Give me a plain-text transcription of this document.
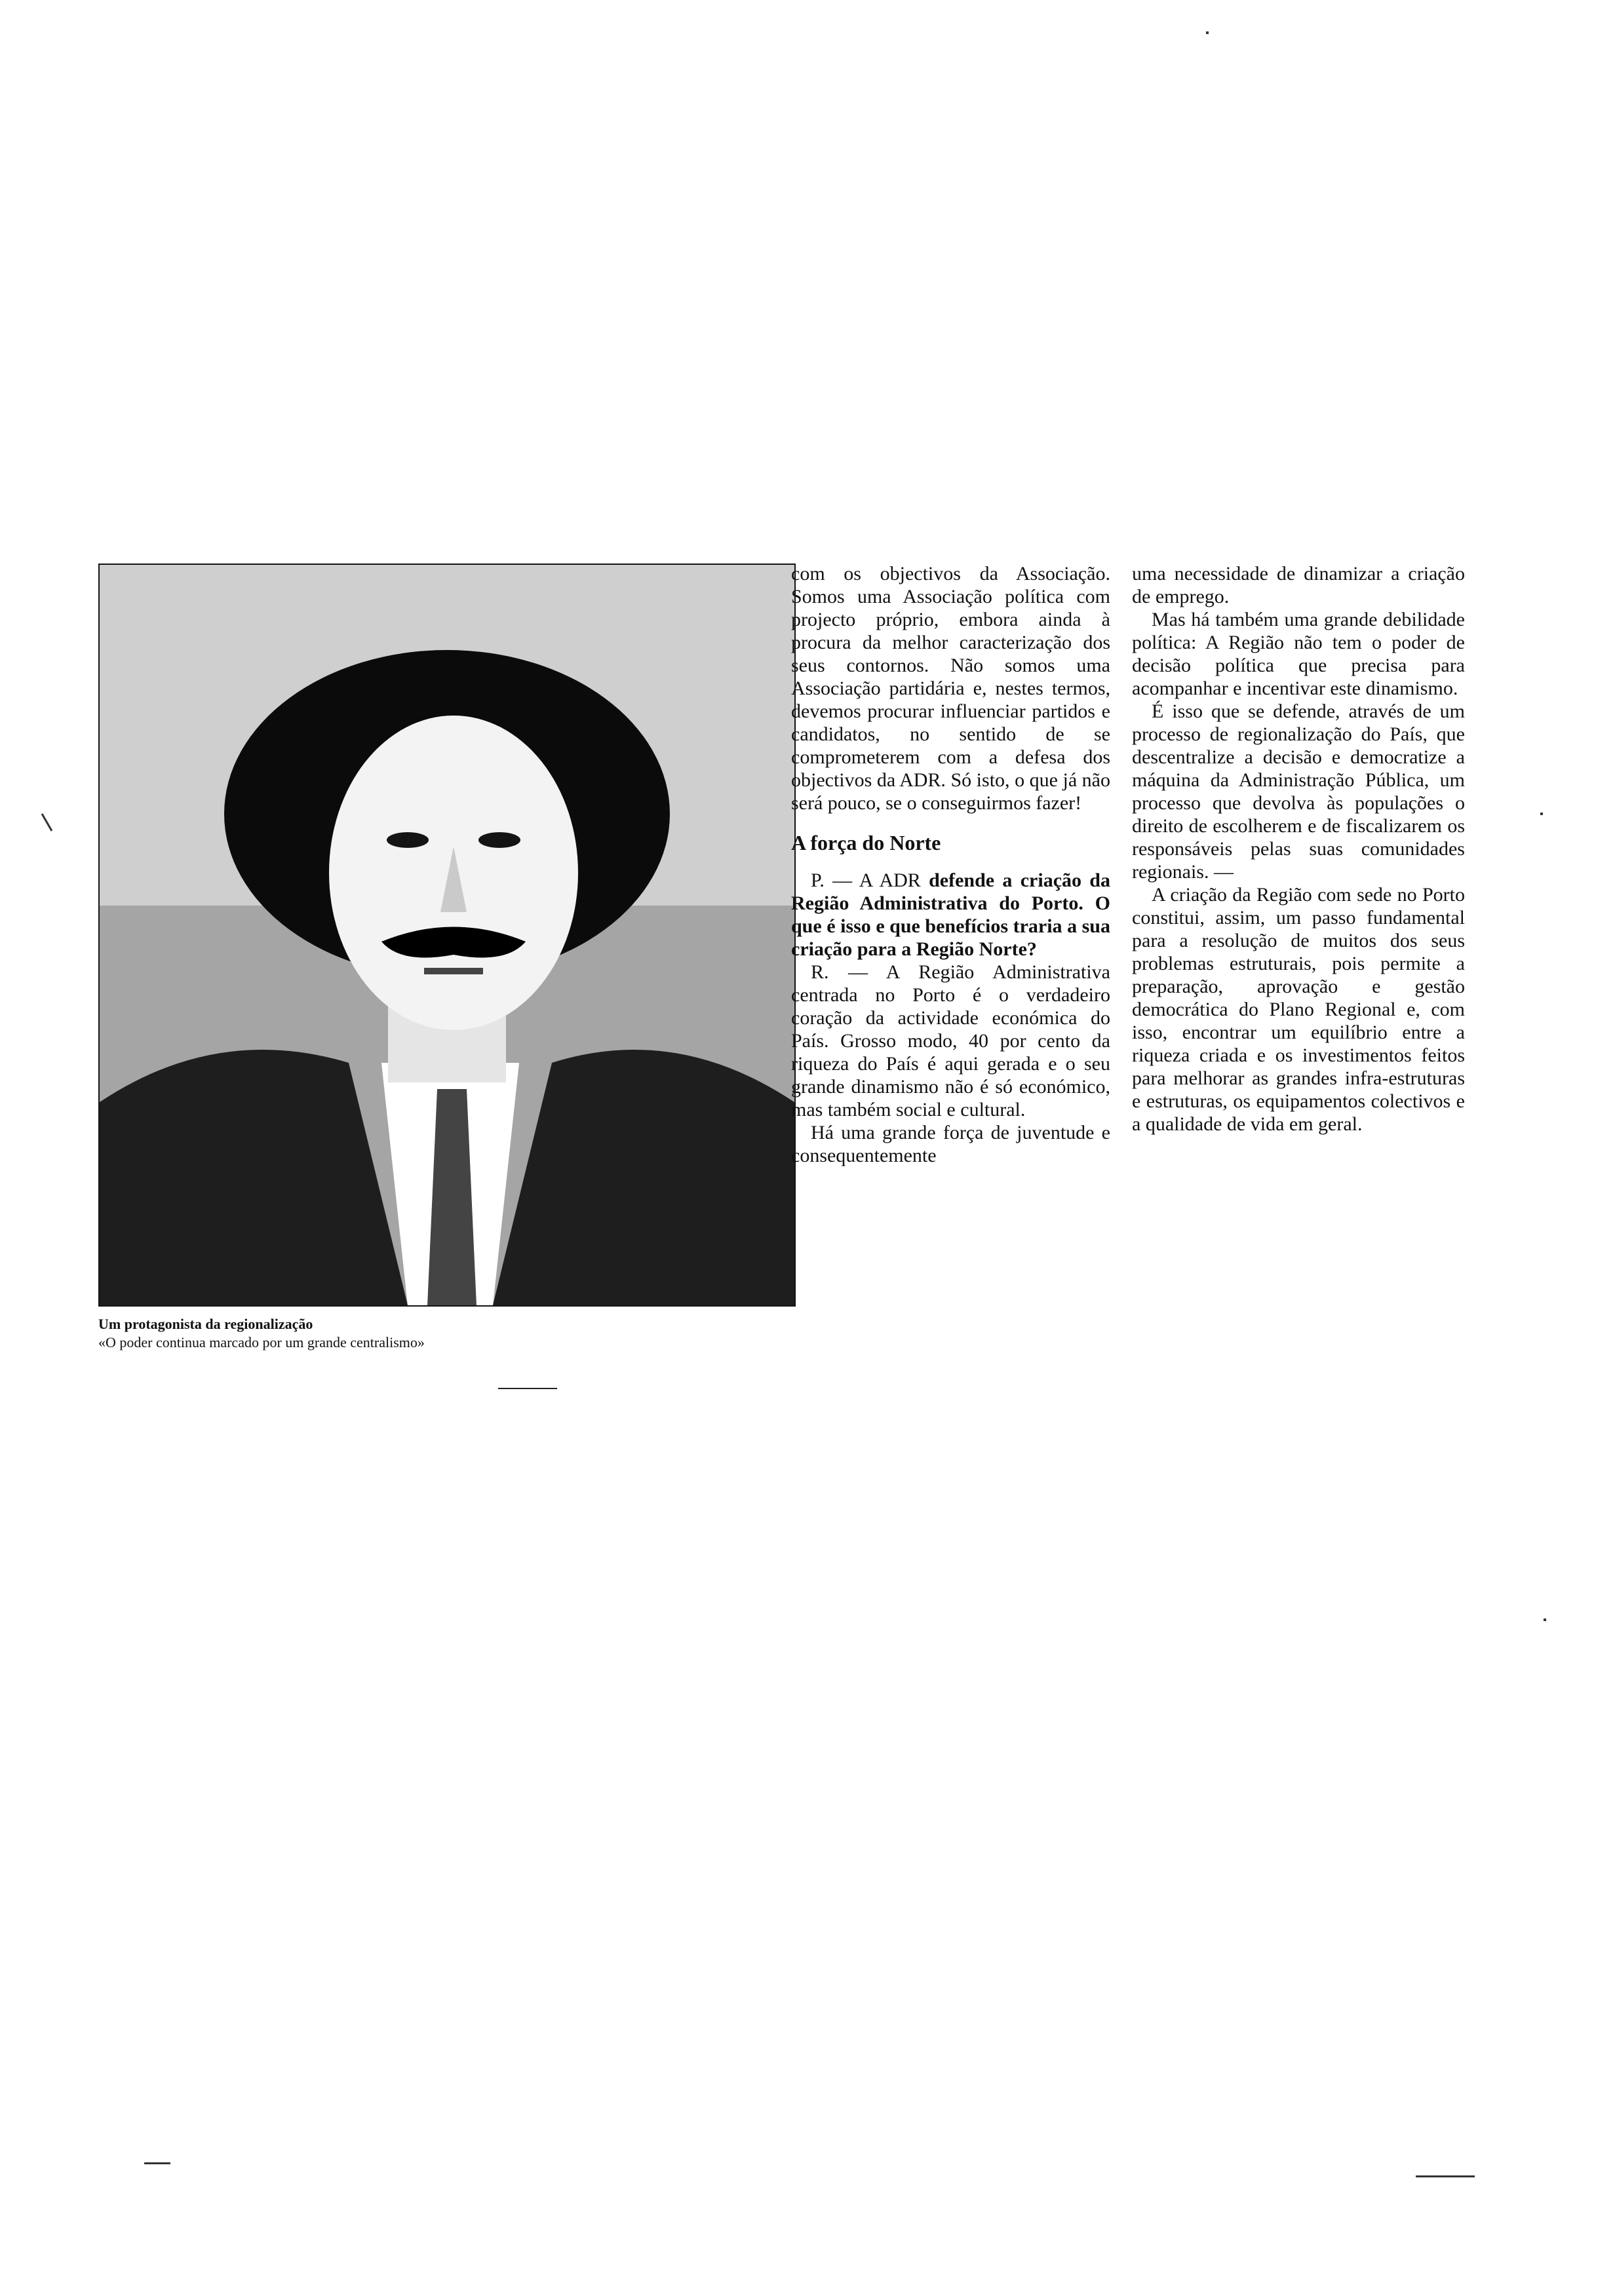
Um protagonista da regionalização
«O poder continua marcado por um grande centralismo»

com os objectivos da Associação. Somos uma Associação política com projecto próprio, embora ainda à procura da melhor caracterização dos seus contornos. Não somos uma Associação partidária e, nestes termos, devemos procurar influenciar partidos e candidatos, no sentido de se comprometerem com a defesa dos objectivos da ADR. Só isto, o que já não será pouco, se o conseguirmos fazer!

A força do Norte

P. — A ADR defende a criação da Região Administrativa do Porto. O que é isso e que benefícios traria a sua criação para a Região Norte?

R. — A Região Administrativa centrada no Porto é o verdadeiro coração da actividade económica do País. Grosso modo, 40 por cento da riqueza do País é aqui gerada e o seu grande dinamismo não é só económico, mas também social e cultural.

Há uma grande força de juventude e consequentemente

uma necessidade de dinamizar a criação de emprego.

Mas há também uma grande debilidade política: A Região não tem o poder de decisão política que precisa para acompanhar e incentivar este dinamismo.

É isso que se defende, através de um processo de regionalização do País, que descentralize a decisão e democratize a máquina da Administração Pública, um processo que devolva às populações o direito de escolherem e de fiscalizarem os responsáveis pelas suas comunidades regionais. —

A criação da Região com sede no Porto constitui, assim, um passo fundamental para a resolução de muitos dos seus problemas estruturais, pois permite a preparação, aprovação e gestão democrática do Plano Regional e, com isso, encontrar um equilíbrio entre a riqueza criada e os investimentos feitos para melhorar as grandes infra-estruturas e estruturas, os equipamentos colectivos e a qualidade de vida em geral.
